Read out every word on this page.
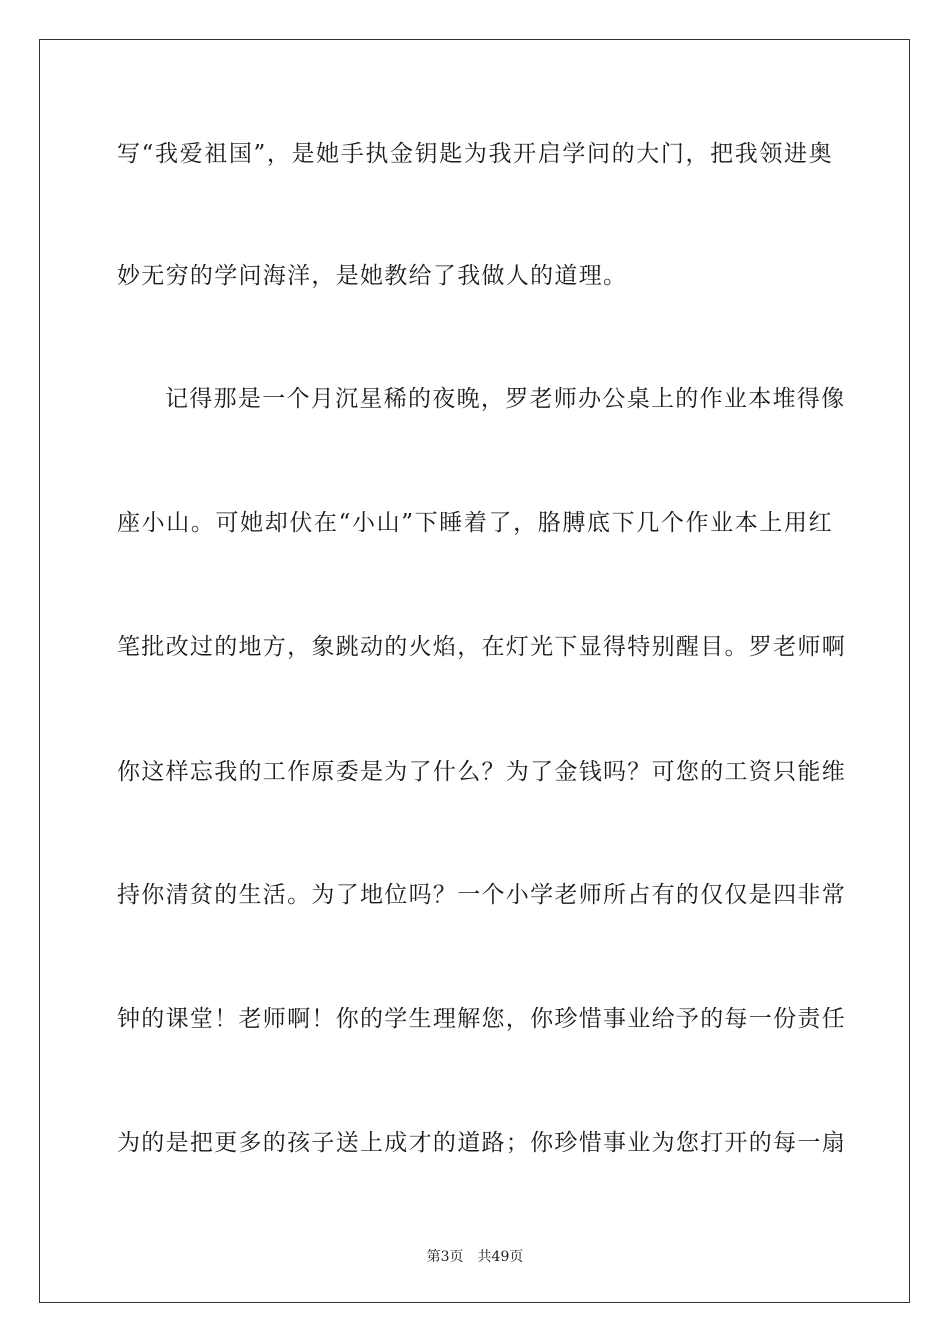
写“我爱祖国”，是她手执金钥匙为我开启学问的大门，把我领进奥
妙无穷的学问海洋，是她教给了我做人的道理。
记得那是一个月沉星稀的夜晚，罗老师办公桌上的作业本堆得像
座小山。可她却伏在“小山”下睡着了，胳膊底下几个作业本上用红
笔批改过的地方，象跳动的火焰，在灯光下显得特别醒目。罗老师啊
你这样忘我的工作原委是为了什么？为了金钱吗？可您的工资只能维
持你清贫的生活。为了地位吗？一个小学老师所占有的仅仅是四非常
钟的课堂！老师啊！你的学生理解您，你珍惜事业给予的每一份责任
为的是把更多的孩子送上成才的道路；你珍惜事业为您打开的每一扇
第3页 共49页
